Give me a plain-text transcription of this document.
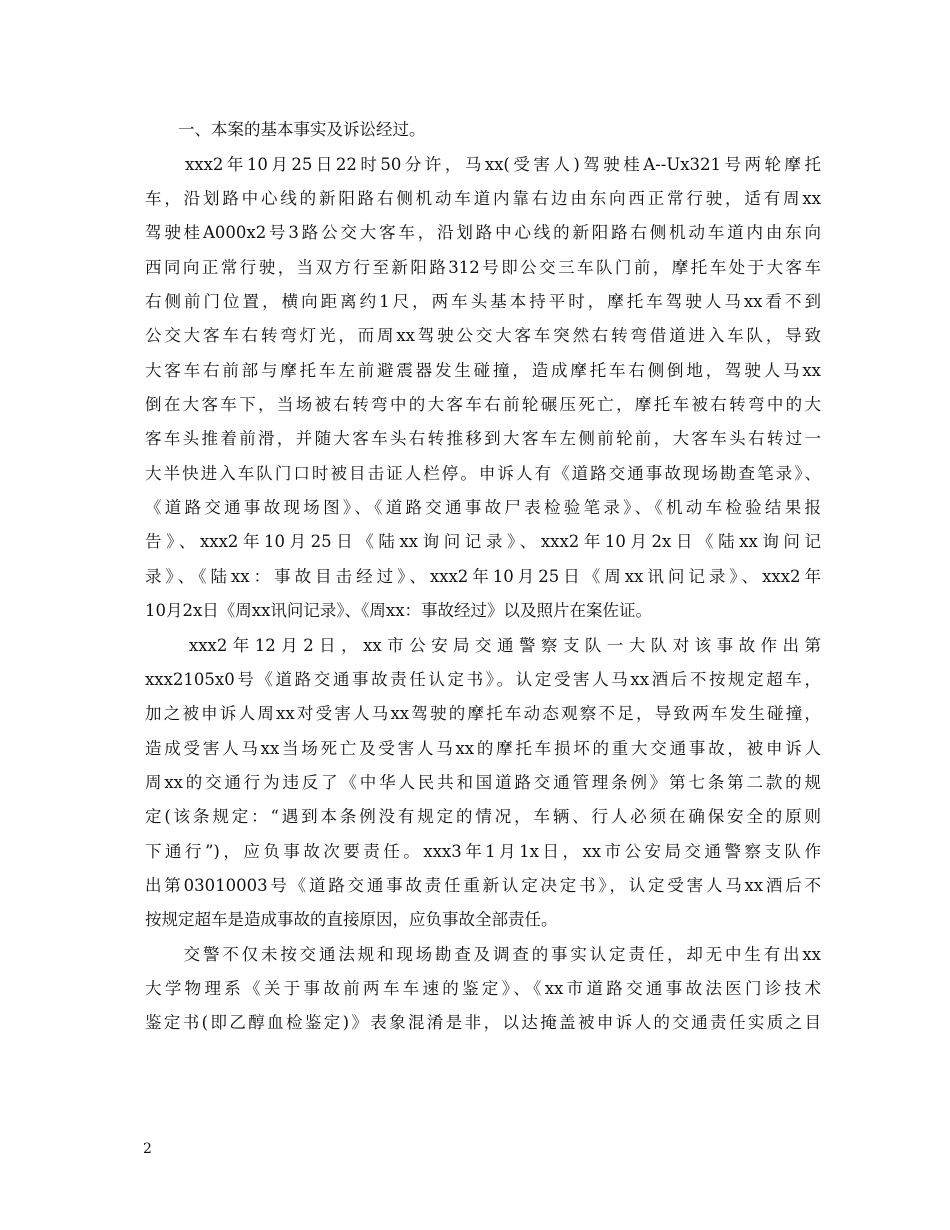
　　一、本案的基本事实及诉讼经过。
　　xxx2年10月25日22时50分许，马xx(受害人)驾驶桂A--Ux321号两轮摩托
车，沿划路中心线的新阳路右侧机动车道内靠右边由东向西正常行驶，适有周xx
驾驶桂A000x2号3路公交大客车，沿划路中心线的新阳路右侧机动车道内由东向
西同向正常行驶，当双方行至新阳路312号即公交三车队门前，摩托车处于大客车
右侧前门位置，横向距离约1尺，两车头基本持平时，摩托车驾驶人马xx看不到
公交大客车右转弯灯光，而周xx驾驶公交大客车突然右转弯借道进入车队，导致
大客车右前部与摩托车左前避震器发生碰撞，造成摩托车右侧倒地，驾驶人马xx
倒在大客车下，当场被右转弯中的大客车右前轮碾压死亡，摩托车被右转弯中的大
客车头推着前滑，并随大客车头右转推移到大客车左侧前轮前，大客车头右转过一
大半快进入车队门口时被目击证人栏停。申诉人有《道路交通事故现场勘查笔录》、
《道路交通事故现场图》、《道路交通事故尸表检验笔录》、《机动车检验结果报
告》、xxx2年10月25日《陆xx询问记录》、xxx2年10月2x日《陆xx询问记
录》、《陆xx：事故目击经过》、xxx2年10月25日《周xx讯问记录》、xxx2年
10月2x日《周xx讯问记录》、《周xx：事故经过》以及照片在案佐证。
　　xxx2年12月2日，xx市公安局交通警察支队一大队对该事故作出第
xxx2105x0号《道路交通事故责任认定书》。认定受害人马xx酒后不按规定超车，
加之被申诉人周xx对受害人马xx驾驶的摩托车动态观察不足，导致两车发生碰撞，
造成受害人马xx当场死亡及受害人马xx的摩托车损坏的重大交通事故，被申诉人
周xx的交通行为违反了《中华人民共和国道路交通管理条例》第七条第二款的规
定(该条规定：“遇到本条例没有规定的情况，车辆、行人必须在确保安全的原则
下通行”)，应负事故次要责任。xxx3年1月1x日，xx市公安局交通警察支队作
出第03010003号《道路交通事故责任重新认定决定书》，认定受害人马xx酒后不
按规定超车是造成事故的直接原因，应负事故全部责任。
　　交警不仅未按交通法规和现场勘查及调查的事实认定责任，却无中生有出xx
大学物理系《关于事故前两车车速的鉴定》、《xx市道路交通事故法医门诊技术
鉴定书(即乙醇血检鉴定)》表象混淆是非，以达掩盖被申诉人的交通责任实质之目
2
